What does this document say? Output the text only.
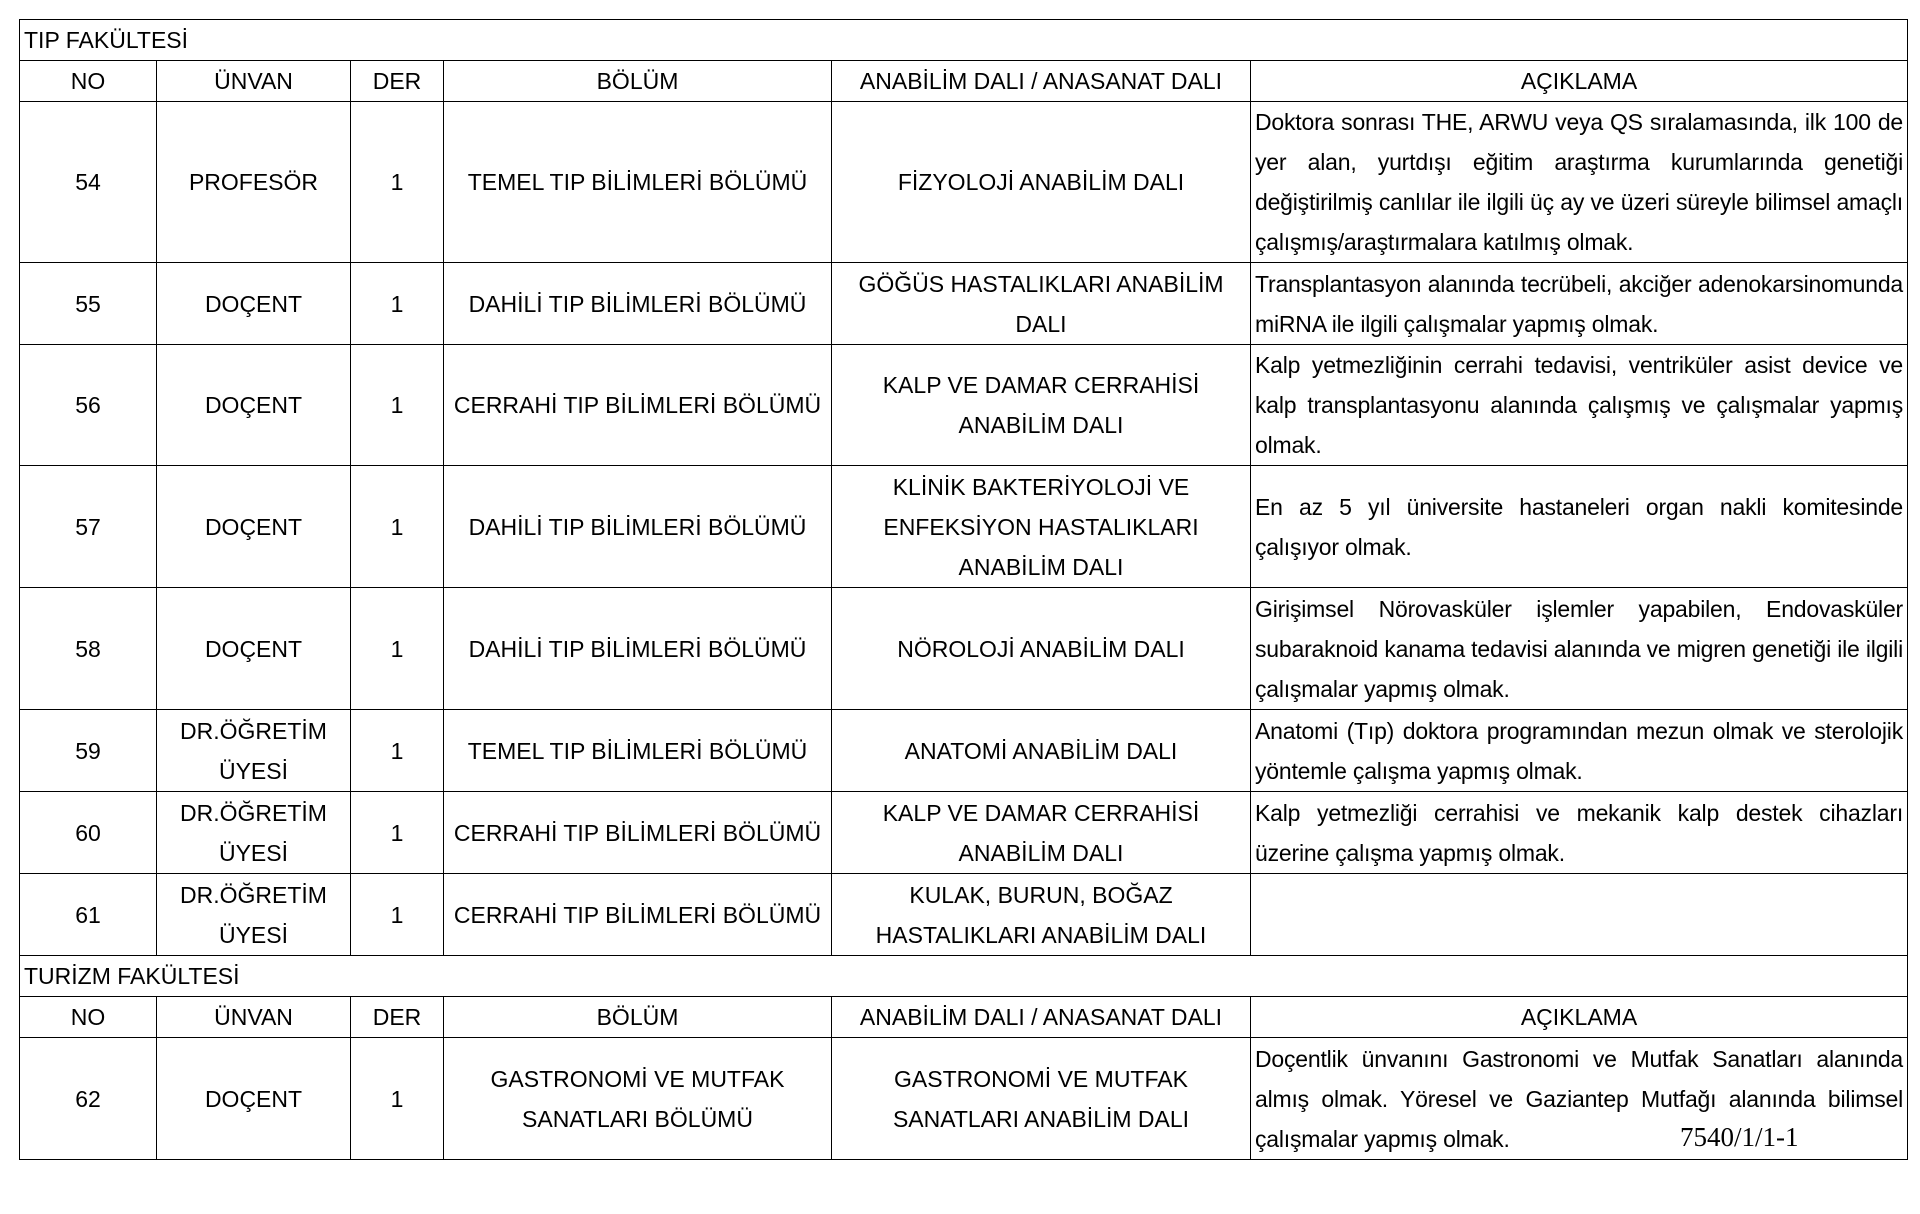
TIP FAKÜLTESİ					
NO	ÜNVAN	DER	BÖLÜM	ANABİLİM DALI / ANASANAT DALI	AÇIKLAMA
54	PROFESÖR	1	TEMEL TIP BİLİMLERİ BÖLÜMÜ	FİZYOLOJİ ANABİLİM DALI	Doktora sonrası THE, ARWU veya QS sıralamasında, ilk 100 de yer alan, yurtdışı eğitim araştırma kurumlarında genetiği değiştirilmiş canlılar ile ilgili üç ay ve üzeri süreyle bilimsel amaçlı çalışmış/araştırmalara katılmış olmak.
55	DOÇENT	1	DAHİLİ TIP BİLİMLERİ BÖLÜMÜ	GÖĞÜS HASTALIKLARI ANABİLİM DALI	Transplantasyon alanında tecrübeli, akciğer adenokarsinomunda miRNA ile ilgili çalışmalar yapmış olmak.
56	DOÇENT	1	CERRAHİ TIP BİLİMLERİ BÖLÜMÜ	KALP VE DAMAR CERRAHİSİ ANABİLİM DALI	Kalp yetmezliğinin cerrahi tedavisi, ventriküler asist device ve kalp transplantasyonu alanında çalışmış ve çalışmalar yapmış olmak.
57	DOÇENT	1	DAHİLİ TIP BİLİMLERİ BÖLÜMÜ	KLİNİK BAKTERİYOLOJİ VE ENFEKSİYON HASTALIKLARI ANABİLİM DALI	En az 5 yıl üniversite hastaneleri organ nakli komitesinde çalışıyor olmak.
58	DOÇENT	1	DAHİLİ TIP BİLİMLERİ BÖLÜMÜ	NÖROLOJİ ANABİLİM DALI	Girişimsel Nörovasküler işlemler yapabilen, Endovasküler subaraknoid kanama tedavisi alanında ve migren genetiği ile ilgili çalışmalar yapmış olmak.
59	DR.ÖĞRETİM ÜYESİ	1	TEMEL TIP BİLİMLERİ BÖLÜMÜ	ANATOMİ ANABİLİM DALI	Anatomi (Tıp) doktora programından mezun olmak ve sterolojik yöntemle çalışma yapmış olmak.
60	DR.ÖĞRETİM ÜYESİ	1	CERRAHİ TIP BİLİMLERİ BÖLÜMÜ	KALP VE DAMAR CERRAHİSİ ANABİLİM DALI	Kalp yetmezliği cerrahisi ve mekanik kalp destek cihazları üzerine çalışma yapmış olmak.
61	DR.ÖĞRETİM ÜYESİ	1	CERRAHİ TIP BİLİMLERİ BÖLÜMÜ	KULAK, BURUN, BOĞAZ HASTALIKLARI ANABİLİM DALI	
TURİZM FAKÜLTESİ					
NO	ÜNVAN	DER	BÖLÜM	ANABİLİM DALI / ANASANAT DALI	AÇIKLAMA
62	DOÇENT	1	GASTRONOMİ VE MUTFAK SANATLARI BÖLÜMÜ	GASTRONOMİ VE MUTFAK SANATLARI ANABİLİM DALI	Doçentlik ünvanını Gastronomi ve Mutfak Sanatları alanında almış olmak. Yöresel ve Gaziantep Mutfağı alanında bilimsel çalışmalar yapmış olmak.	7540/1/1-1
